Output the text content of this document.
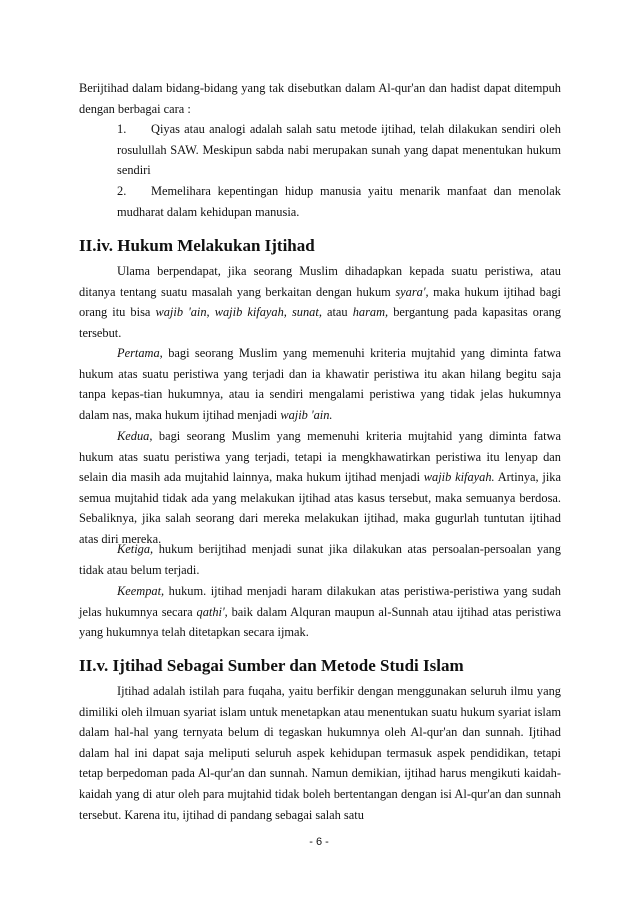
Berijtihad dalam bidang-bidang yang tak disebutkan dalam Al-qur'an dan hadist dapat ditempuh dengan berbagai cara :

1. Qiyas atau analogi adalah salah satu metode ijtihad, telah dilakukan sendiri oleh rosulullah SAW. Meskipun sabda nabi merupakan sunah yang dapat menentukan hukum sendiri

2. Memelihara kepentingan hidup manusia yaitu menarik manfaat dan menolak mudharat dalam kehidupan manusia.

II.iv. Hukum Melakukan Ijtihad

Ulama berpendapat, jika seorang Muslim dihadapkan kepada suatu peristiwa, atau ditanya tentang suatu masalah yang berkaitan dengan hukum syara', maka hukum ijtihad bagi orang itu bisa wajib 'ain, wajib kifayah, sunat, atau haram, bergantung pada kapasitas orang tersebut.

Pertama, bagi seorang Muslim yang memenuhi kriteria mujtahid yang diminta fatwa hukum atas suatu peristiwa yang terjadi dan ia khawatir peristiwa itu akan hilang begitu saja tanpa kepas-tian hukumnya, atau ia sendiri mengalami peristiwa yang tidak jelas hukumnya dalam nas, maka hukum ijtihad menjadi wajib 'ain.

Kedua, bagi seorang Muslim yang memenuhi kriteria mujtahid yang diminta fatwa hukum atas suatu peristiwa yang terjadi, tetapi ia mengkhawatirkan peristiwa itu lenyap dan selain dia masih ada mujtahid lainnya, maka hukum ijtihad menjadi wajib kifayah. Artinya, jika semua mujtahid tidak ada yang melakukan ijtihad atas kasus tersebut, maka semuanya berdosa. Sebaliknya, jika salah seorang dari mereka melakukan ijtihad, maka gugurlah tuntutan ijtihad atas diri mereka.

Ketiga, hukum berijtihad menjadi sunat jika dilakukan atas persoalan-persoalan yang tidak atau belum terjadi.

Keempat, hukum. ijtihad menjadi haram dilakukan atas peristiwa-peristiwa yang sudah jelas hukumnya secara qathi', baik dalam Alquran maupun al-Sunnah atau ijtihad atas peristiwa yang hukumnya telah ditetapkan secara ijmak.

II.v. Ijtihad Sebagai Sumber dan Metode Studi Islam

Ijtihad adalah istilah para fuqaha, yaitu berfikir dengan menggunakan seluruh ilmu yang dimiliki oleh ilmuan syariat islam untuk menetapkan atau menentukan suatu hukum syariat islam dalam hal-hal yang ternyata belum di tegaskan hukumnya oleh Al-qur'an dan sunnah. Ijtihad dalam hal ini dapat saja meliputi seluruh aspek kehidupan termasuk aspek pendidikan, tetapi tetap berpedoman pada Al-qur'an dan sunnah. Namun demikian, ijtihad harus mengikuti kaidah-kaidah yang di atur oleh para mujtahid tidak boleh bertentangan dengan isi Al-qur'an dan sunnah tersebut. Karena itu, ijtihad di pandang sebagai salah satu

- 6 -
